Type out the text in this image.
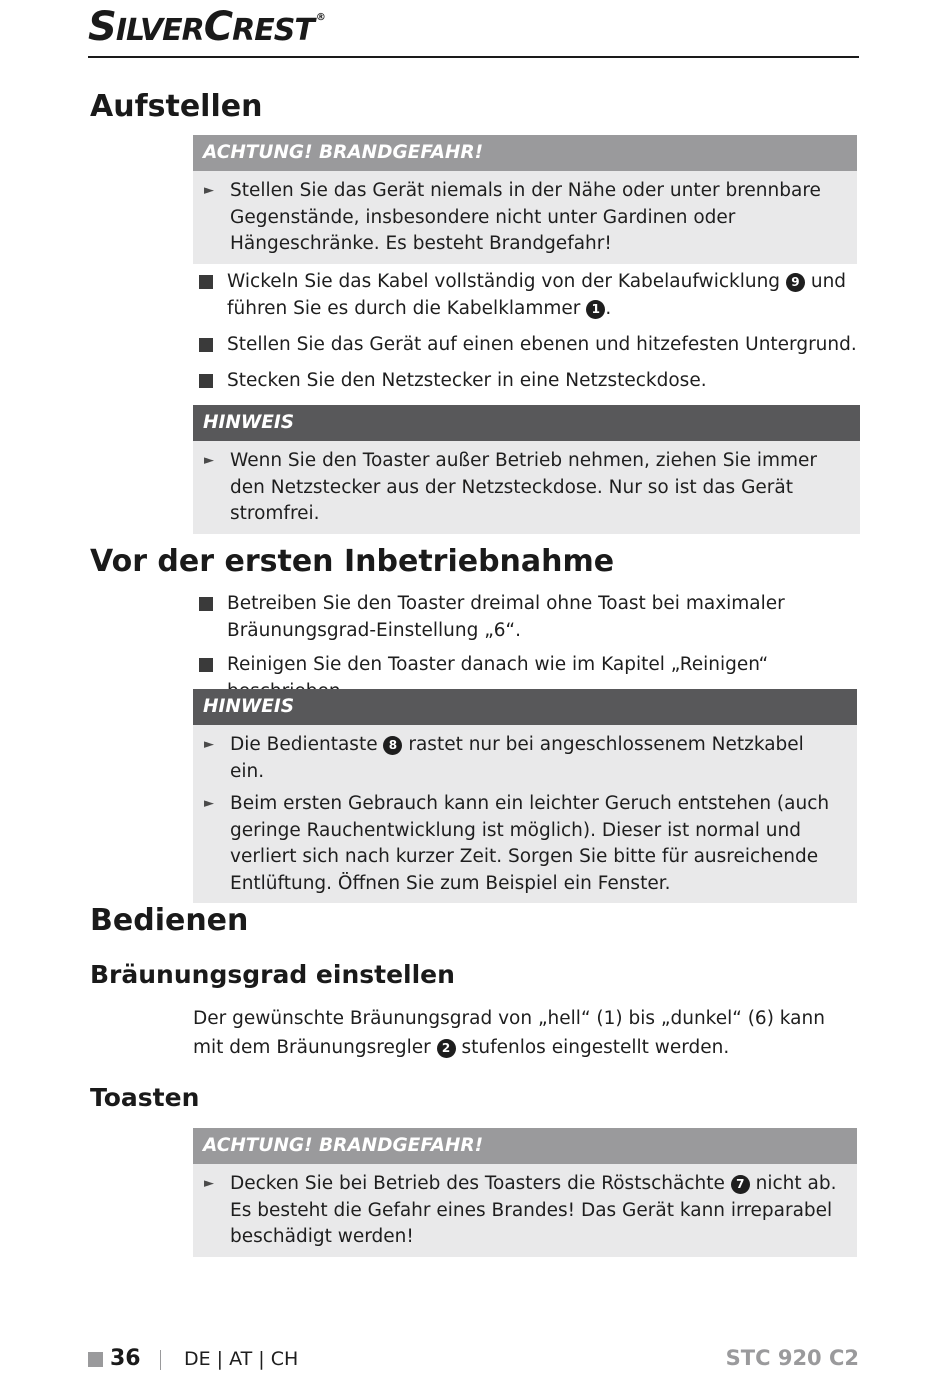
SILVERCREST ®
Aufstellen
ACHTUNG! BRANDGEFAHR!
► Stellen Sie das Gerät niemals in der Nähe oder unter brennbare Gegenstände, insbesondere nicht unter Gardinen oder Hängeschränke. Es besteht Brandgefahr!
Wickeln Sie das Kabel vollständig von der Kabelaufwicklung 9 und führen Sie es durch die Kabelklammer 1 .
Stellen Sie das Gerät auf einen ebenen und hitzefesten Untergrund.
Stecken Sie den Netzstecker in eine Netzsteckdose.
HINWEIS
► Wenn Sie den Toaster außer Betrieb nehmen, ziehen Sie immer den Netzstecker aus der Netzsteckdose. Nur so ist das Gerät stromfrei.
Vor der ersten Inbetriebnahme
Betreiben Sie den Toaster dreimal ohne Toast bei maximaler Bräunungsgrad-Einstellung „6“.
Reinigen Sie den Toaster danach wie im Kapitel „Reinigen“
HINWEIS
► Die Bedientaste 8 rastet nur bei angeschlossenem Netzkabel ein.
► Beim ersten Gebrauch kann ein leichter Geruch entstehen (auch geringe Rauchentwicklung ist möglich). Dieser ist normal und verliert sich nach kurzer Zeit. Sorgen Sie bitte für ausreichende Entlüftung. Öffnen Sie zum Beispiel ein Fenster.
Bedienen
Bräunungsgrad einstellen
Der gewünschte Bräunungsgrad von „hell“ (1) bis „dunkel“ (6) kann mit dem Bräunungsregler 2 stufenlos eingestellt werden.
Toasten
ACHTUNG! BRANDGEFAHR!
► Decken Sie bei Betrieb des Toasters die Röstschächte 7 nicht ab. Es besteht die Gefahr eines Brandes! Das Gerät kann irreparabel beschädigt werden!
36 DE | AT | CH	STC 920 C2
